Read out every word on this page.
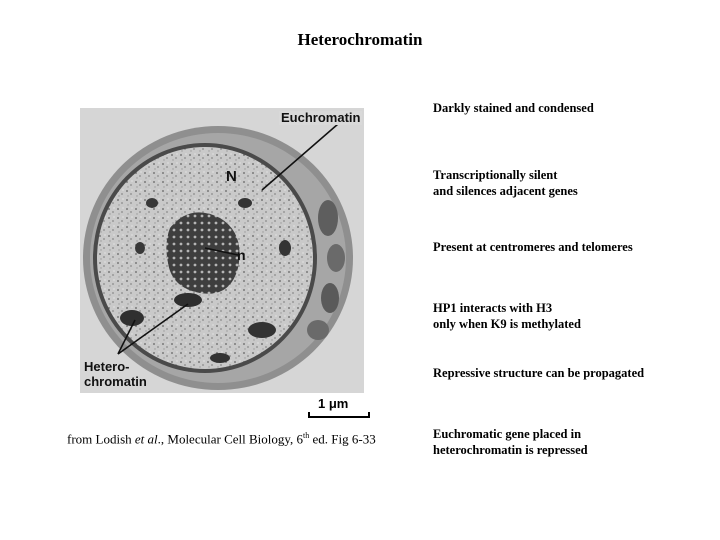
Heterochromatin
Euchromatin
N
n
Hetero-
chromatin
1 μm
from Lodish et al., Molecular Cell Biology, 6th ed. Fig 6-33
Darkly stained and condensed
Transcriptionally silent
and silences adjacent genes
Present at centromeres and telomeres
HP1 interacts with H3
only when K9 is methylated
Repressive structure can be propagated
Euchromatic gene placed in
heterochromatin is repressed
